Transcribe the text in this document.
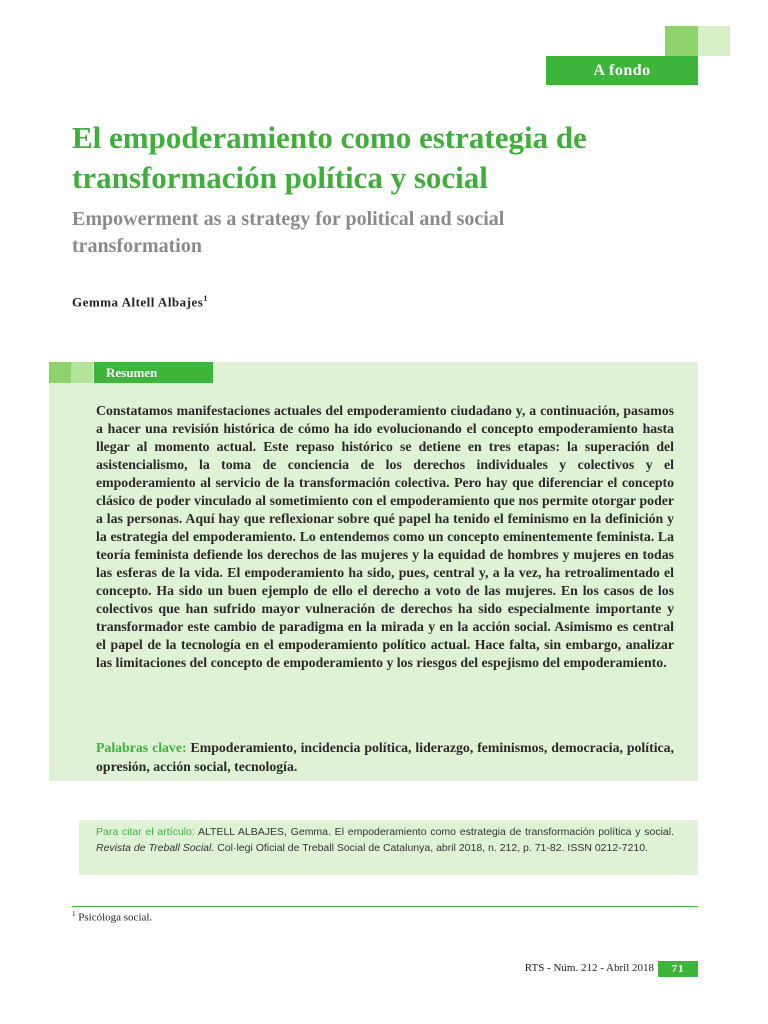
A fondo
El empoderamiento como estrategia de transformación política y social
Empowerment as a strategy for political and social transformation
Gemma Altell Albajes$^1$
Resumen

Constatamos manifestaciones actuales del empoderamiento ciudadano y, a continuación, pasamos a hacer una revisión histórica de cómo ha ido evolucionando el concepto empoderamiento hasta llegar al momento actual. Este repaso histórico se detiene en tres etapas: la superación del asistencialismo, la toma de conciencia de los derechos individuales y colectivos y el empoderamiento al servicio de la transformación colectiva. Pero hay que diferenciar el concepto clásico de poder vinculado al sometimiento con el empoderamiento que nos permite otorgar poder a las personas. Aquí hay que reflexionar sobre qué papel ha tenido el feminismo en la definición y la estrategia del empoderamiento. Lo entendemos como un concepto eminentemente feminista. La teoría feminista defiende los derechos de las mujeres y la equidad de hombres y mujeres en todas las esferas de la vida. El empoderamiento ha sido, pues, central y, a la vez, ha retroalimentado el concepto. Ha sido un buen ejemplo de ello el derecho a voto de las mujeres. En los casos de los colectivos que han sufrido mayor vulneración de derechos ha sido especialmente importante y transformador este cambio de paradigma en la mirada y en la acción social. Asimismo es central el papel de la tecnología en el empoderamiento político actual. Hace falta, sin embargo, analizar las limitaciones del concepto de empoderamiento y los riesgos del espejismo del empoderamiento.

Palabras clave: Empoderamiento, incidencia política, liderazgo, feminismos, democracia, política, opresión, acción social, tecnología.

Para citar el artículo: ALTELL ALBAJES, Gemma. El empoderamiento como estrategia de transformación política y social. Revista de Treball Social. Col·legi Oficial de Treball Social de Catalunya, abril 2018, n. 212, p. 71-82. ISSN 0212-7210.

$^1$ Psicóloga social.
RTS - Núm. 212 - Abril 2018	71
